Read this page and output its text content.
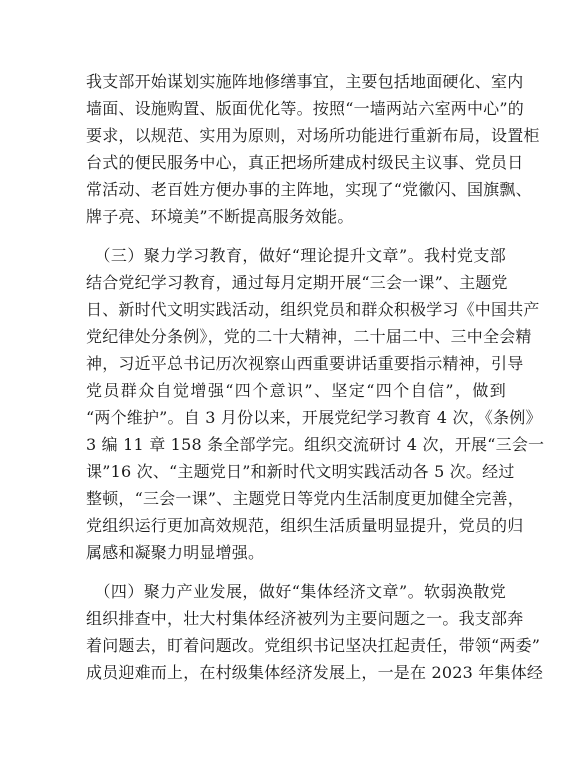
我支部开始谋划实施阵地修缮事宜，主要包括地面硬化、室内
墙面、设施购置、版面优化等。按照“一墙两站六室两中心”的
要求，以规范、实用为原则，对场所功能进行重新布局，设置柜
台式的便民服务中心，真正把场所建成村级民主议事、党员日
常活动、老百姓方便办事的主阵地，实现了“党徽闪、国旗飘、
牌子亮、环境美”不断提高服务效能。
　（三）聚力学习教育，做好“理论提升文章”。我村党支部
结合党纪学习教育，通过每月定期开展“三会一课”、主题党
日、新时代文明实践活动，组织党员和群众积极学习《中国共产
党纪律处分条例》，党的二十大精神，二十届二中、三中全会精
神，习近平总书记历次视察山西重要讲话重要指示精神，引导
党员群众自觉增强“四个意识”、坚定“四个自信”，做到
“两个维护”。自 3 月份以来，开展党纪学习教育 4 次，《条例》
3 编 11 章 158 条全部学完。组织交流研讨 4 次，开展“三会一
课”16 次、“主题党日”和新时代文明实践活动各 5 次。经过
整顿，“三会一课”、主题党日等党内生活制度更加健全完善，
党组织运行更加高效规范，组织生活质量明显提升，党员的归
属感和凝聚力明显增强。
　（四）聚力产业发展，做好“集体经济文章”。软弱涣散党
组织排查中，壮大村集体经济被列为主要问题之一。我支部奔
着问题去，盯着问题改。党组织书记坚决扛起责任，带领“两委”
成员迎难而上，在村级集体经济发展上，一是在 2023 年集体经
